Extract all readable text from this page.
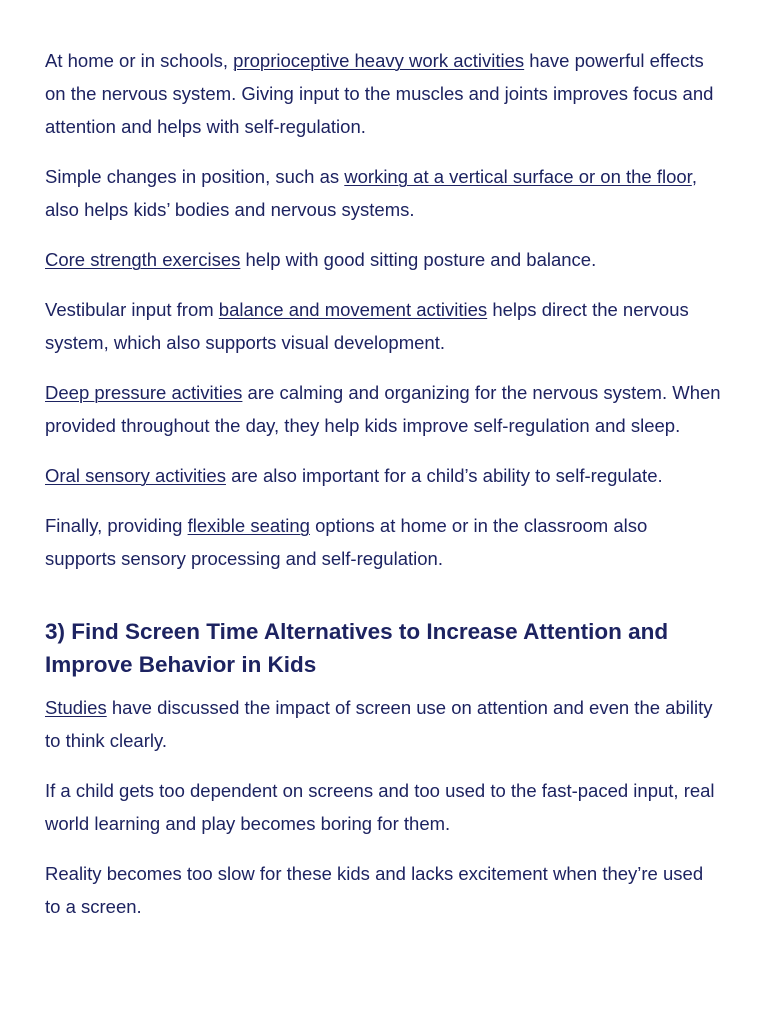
At home or in schools, proprioceptive heavy work activities have powerful effects on the nervous system. Giving input to the muscles and joints improves focus and attention and helps with self-regulation.

Simple changes in position, such as working at a vertical surface or on the floor, also helps kids’ bodies and nervous systems.

Core strength exercises help with good sitting posture and balance.

Vestibular input from balance and movement activities helps direct the nervous system, which also supports visual development.

Deep pressure activities are calming and organizing for the nervous system. When provided throughout the day, they help kids improve self-regulation and sleep.

Oral sensory activities are also important for a child’s ability to self-regulate.

Finally, providing flexible seating options at home or in the classroom also supports sensory processing and self-regulation.

3) Find Screen Time Alternatives to Increase Attention and Improve Behavior in Kids

Studies have discussed the impact of screen use on attention and even the ability to think clearly.

If a child gets too dependent on screens and too used to the fast-paced input, real world learning and play becomes boring for them.

Reality becomes too slow for these kids and lacks excitement when they’re used to a screen.
